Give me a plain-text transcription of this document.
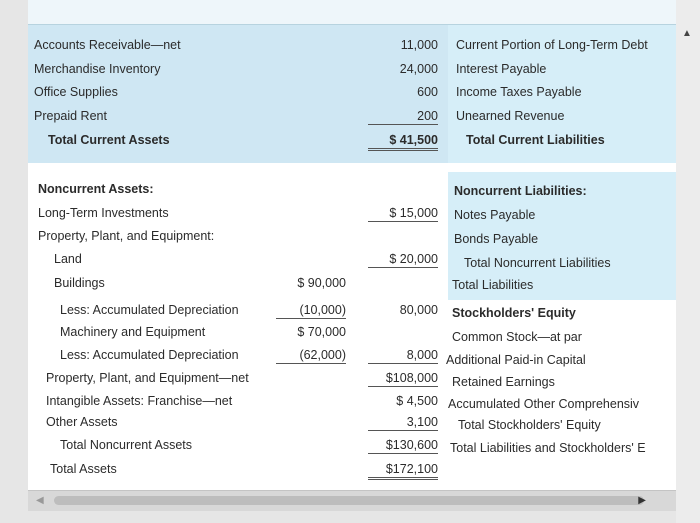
Accounts Receivable—net	11,000
Merchandise Inventory	24,000
Office Supplies	600
Prepaid Rent	200
Total Current Assets	$ 41,500
Current Portion of Long-Term Debt
Interest Payable
Income Taxes Payable
Unearned Revenue
Total Current Liabilities
Noncurrent Assets:
Long-Term Investments	$ 15,000
Property, Plant, and Equipment:
Land	$ 20,000
Buildings	$ 90,000
Less: Accumulated Depreciation	(10,000)	80,000
Machinery and Equipment	$ 70,000
Less: Accumulated Depreciation	(62,000)	8,000
Property, Plant, and Equipment—net	$108,000
Intangible Assets: Franchise—net	$ 4,500
Other Assets	3,100
Total Noncurrent Assets	$130,600
Total Assets	$172,100
Noncurrent Liabilities:
Notes Payable
Bonds Payable
Total Noncurrent Liabilities
Total Liabilities
Stockholders' Equity
Common Stock—at par
Additional Paid-in Capital
Retained Earnings
Accumulated Other Comprehensiv
Total Stockholders' Equity
Total Liabilities and Stockholders' E
◀	▶
▲
